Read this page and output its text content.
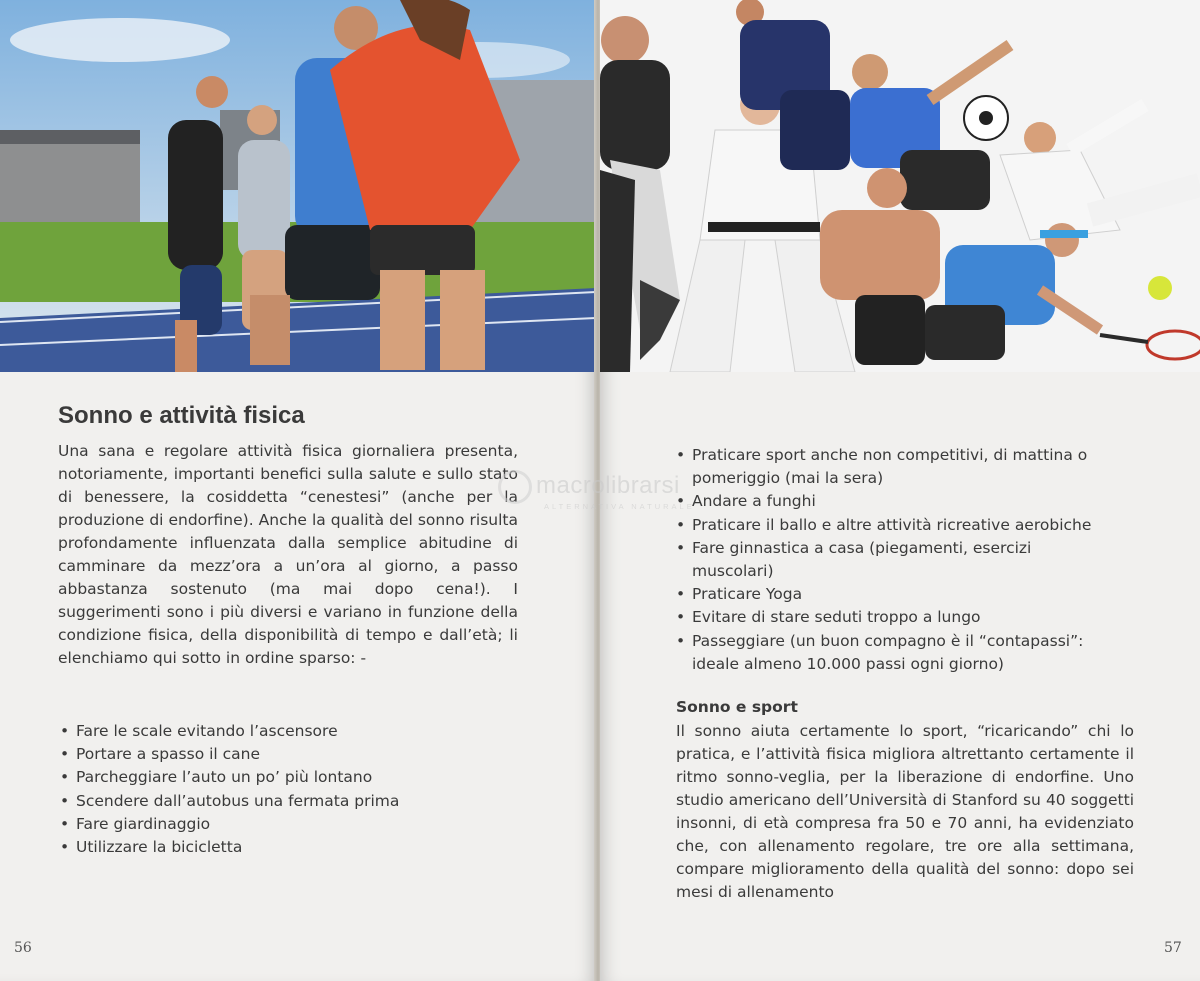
Sonno e attività fisica

Una sana e regolare attività fisica giornaliera presenta, notoriamente, importanti benefici sulla salute e sullo stato di benessere, la cosiddetta “cenestesi” (anche per la produzione di endorfine). Anche la qualità del sonno risulta profondamente influenzata dalla semplice abitudine di camminare da mezz’ora a un’ora al giorno, a passo abbastanza sostenuto (ma mai dopo cena!). I suggerimenti sono i più diversi e variano in funzione della condizione fisica, della disponibilità di tempo e dall’età; li elenchiamo qui sotto in ordine sparso: -

• Fare le scale evitando l’ascensore
• Portare a spasso il cane
• Parcheggiare l’auto un po’ più lontano
• Scendere dall’autobus una fermata prima
• Fare giardinaggio
• Utilizzare la bicicletta
56
• Praticare sport anche non competitivi, di mattina o pomeriggio (mai la sera)
• Andare a funghi
• Praticare il ballo e altre attività ricreative aerobiche
• Fare ginnastica a casa (piegamenti, esercizi muscolari)
• Praticare Yoga
• Evitare di stare seduti troppo a lungo
• Passeggiare (un buon compagno è il “contapassi”: ideale almeno 10.000 passi ogni giorno)
Sonno e sport

Il sonno aiuta certamente lo sport, “ricaricando” chi lo pratica, e l’attività fisica migliora altrettanto certamente il ritmo sonno-veglia, per la liberazione di endorfine. Uno studio americano dell’Università di Stanford su 40 soggetti insonni, di età compresa fra 50 e 70 anni, ha evidenziato che, con allenamento regolare, tre ore alla settimana, compare miglioramento della qualità del sonno: dopo sei mesi di allenamento

57
macrolibrarsi
ALTERNATIVA NATURALE
